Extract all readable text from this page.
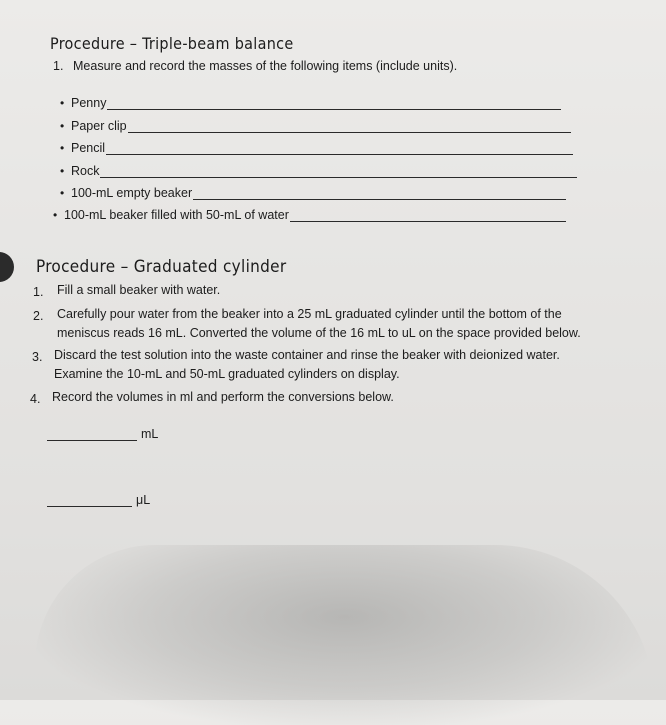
Procedure – Triple-beam balance
1. Measure and record the masses of the following items (include units).
• Penny
• Paper clip
• Pencil
• Rock
• 100-mL empty beaker
• 100-mL beaker filled with 50-mL of water
Procedure – Graduated cylinder
1. Fill a small beaker with water.
2. Carefully pour water from the beaker into a 25 mL graduated cylinder until the bottom of the
meniscus reads 16 mL. Converted the volume of the 16 mL to uL on the space provided below.
3. Discard the test solution into the waste container and rinse the beaker with deionized water.
Examine the 10-mL and 50-mL graduated cylinders on display.
4. Record the volumes in ml and perform the conversions below.
mL
μL
